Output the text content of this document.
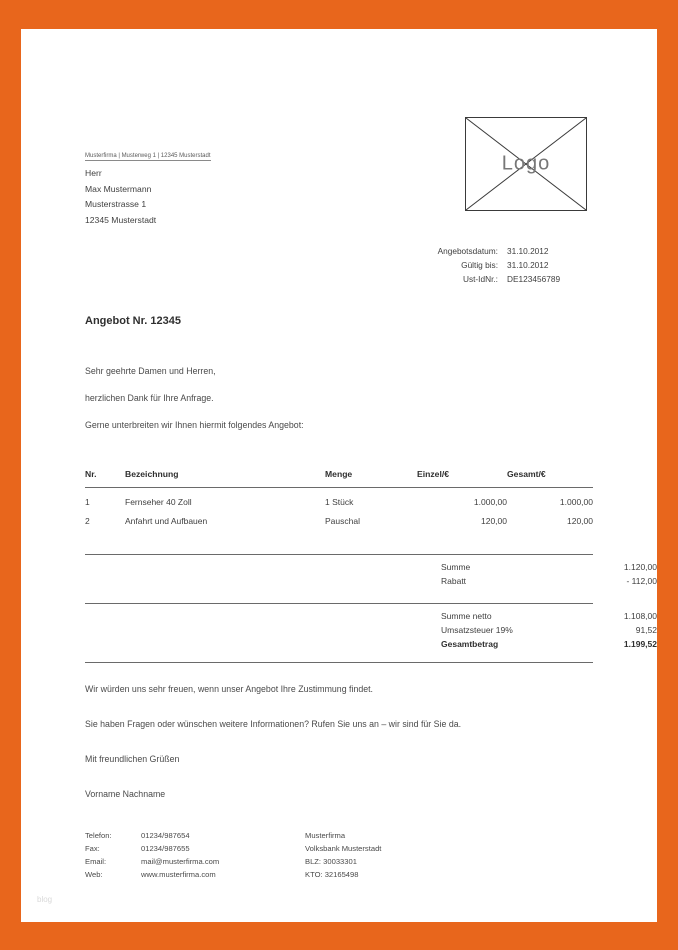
Logo
Musterfirma | Musterweg 1 | 12345 Musterstadt
Herr
Max Mustermann
Musterstrasse 1
12345 Musterstadt
Angebotsdatum:	31.10.2012
Gültig bis:	31.10.2012
Ust-IdNr.:	DE123456789
Angebot Nr. 12345

Sehr geehrte Damen und Herren,

herzlichen Dank für Ihre Anfrage.

Gerne unterbreiten wir Ihnen hiermit folgendes Angebot:

Nr.	Bezeichnung	Menge	Einzel/€	Gesamt/€
1	Fernseher 40 Zoll	1 Stück	1.000,00	1.000,00
2	Anfahrt und Aufbauen	Pauschal	120,00	120,00
Summe	1.120,00
Rabatt	- 112,00
Summe netto	1.108,00
Umsatzsteuer 19%	91,52
Gesamtbetrag	1.199,52

Wir würden uns sehr freuen, wenn unser Angebot Ihre Zustimmung findet.

Sie haben Fragen oder wünschen weitere Informationen? Rufen Sie uns an – wir sind für Sie da.

Mit freundlichen Grüßen

Vorname Nachname

Telefon:	01234/987654
Fax:	01234/987655
Email:	mail@musterfirma.com
Web:	www.musterfirma.com
Musterfirma
Volksbank Musterstadt
BLZ: 30033301
KTO: 32165498
blog
